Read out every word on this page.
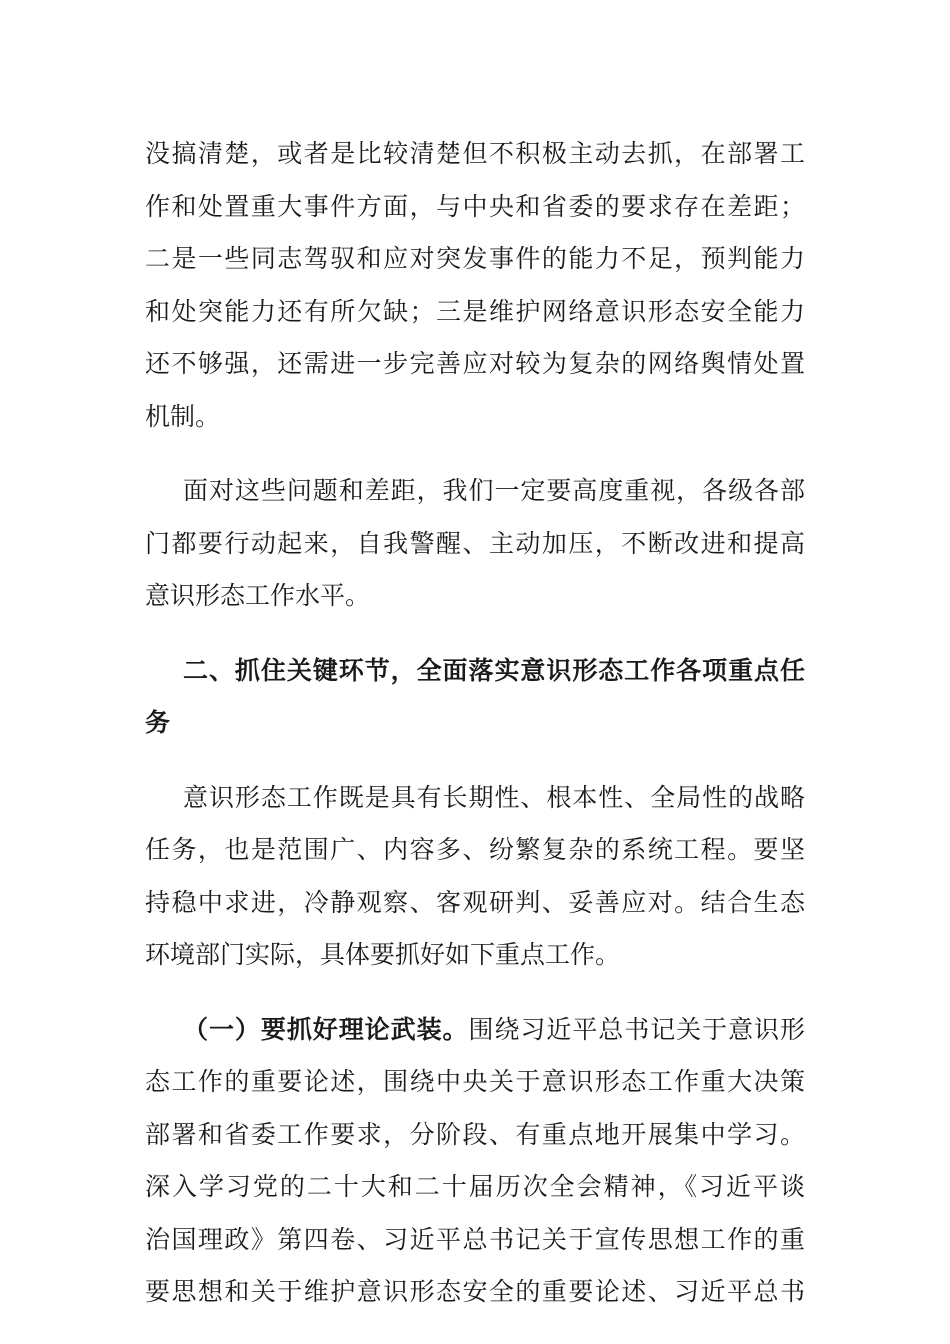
没搞清楚，或者是比较清楚但不积极主动去抓，在部署工
作和处置重大事件方面，与中央和省委的要求存在差距；
二是一些同志驾驭和应对突发事件的能力不足，预判能力
和处突能力还有所欠缺；三是维护网络意识形态安全能力
还不够强，还需进一步完善应对较为复杂的网络舆情处置
机制。
面对这些问题和差距，我们一定要高度重视，各级各部
门都要行动起来，自我警醒、主动加压，不断改进和提高
意识形态工作水平。
二、抓住关键环节，全面落实意识形态工作各项重点任
务
意识形态工作既是具有长期性、根本性、全局性的战略
任务，也是范围广、内容多、纷繁复杂的系统工程。要坚
持稳中求进，冷静观察、客观研判、妥善应对。结合生态
环境部门实际，具体要抓好如下重点工作。
（一）要抓好理论武装。围绕习近平总书记关于意识形
态工作的重要论述，围绕中央关于意识形态工作重大决策
部署和省委工作要求，分阶段、有重点地开展集中学习。
深入学习党的二十大和二十届历次全会精神，《习近平谈
治国理政》第四卷、习近平总书记关于宣传思想工作的重
要思想和关于维护意识形态安全的重要论述、习近平总书
